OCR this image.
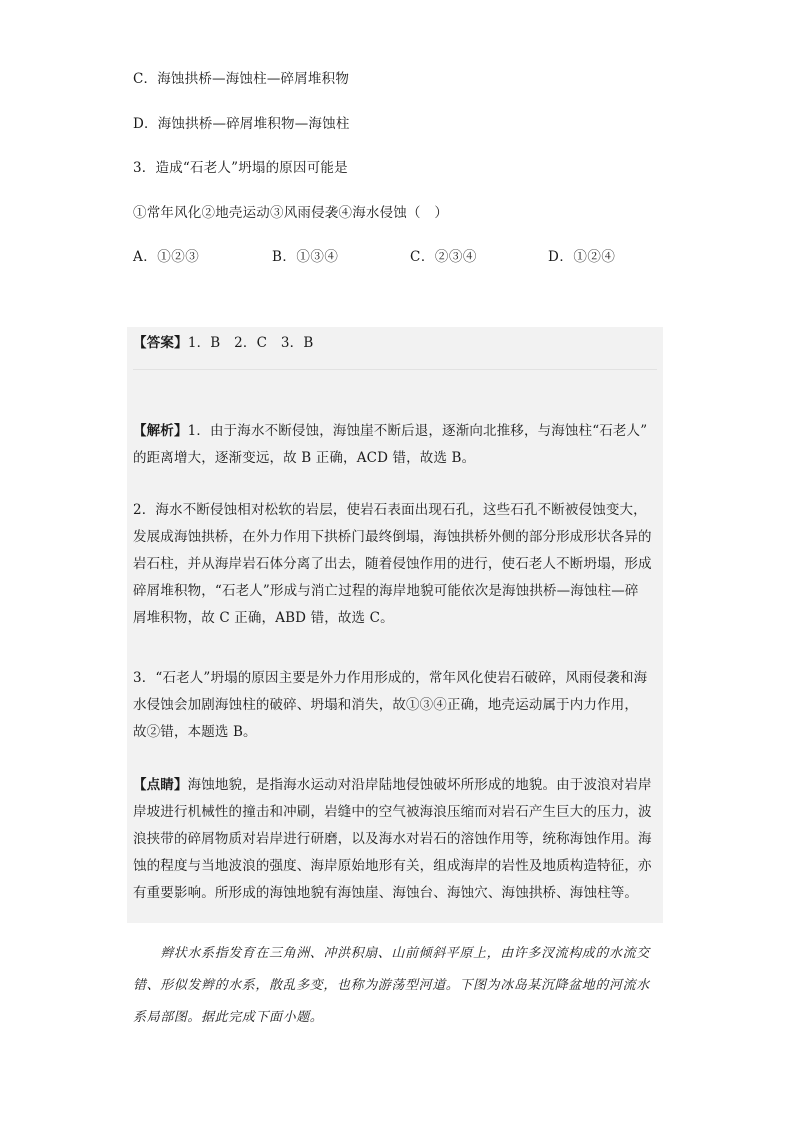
C．海蚀拱桥—海蚀柱—碎屑堆积物
D．海蚀拱桥—碎屑堆积物—海蚀柱
3．造成“石老人”坍塌的原因可能是
①常年风化②地壳运动③风雨侵袭④海水侵蚀（　）
A．①②③	B．①③④	C．②③④	D．①②④
【答案】1．B　2．C　3．B
【解析】1．由于海水不断侵蚀，海蚀崖不断后退，逐渐向北推移，与海蚀柱“石老人”
的距离增大，逐渐变远，故 B 正确，ACD 错，故选 B。
2．海水不断侵蚀相对松软的岩层，使岩石表面出现石孔，这些石孔不断被侵蚀变大，
发展成海蚀拱桥，在外力作用下拱桥门最终倒塌，海蚀拱桥外侧的部分形成形状各异的
岩石柱，并从海岸岩石体分离了出去，随着侵蚀作用的进行，使石老人不断坍塌，形成
碎屑堆积物，“石老人”形成与消亡过程的海岸地貌可能依次是海蚀拱桥—海蚀柱—碎
屑堆积物，故 C 正确，ABD 错，故选 C。
3．“石老人”坍塌的原因主要是外力作用形成的，常年风化使岩石破碎，风雨侵袭和海
水侵蚀会加剧海蚀柱的破碎、坍塌和消失，故①③④正确，地壳运动属于内力作用，
故②错，本题选 B。
【点睛】海蚀地貌，是指海水运动对沿岸陆地侵蚀破坏所形成的地貌。由于波浪对岩岸
岸坡进行机械性的撞击和冲刷，岩缝中的空气被海浪压缩而对岩石产生巨大的压力，波
浪挟带的碎屑物质对岩岸进行研磨，以及海水对岩石的溶蚀作用等，统称海蚀作用。海
蚀的程度与当地波浪的强度、海岸原始地形有关，组成海岸的岩性及地质构造特征，亦
有重要影响。所形成的海蚀地貌有海蚀崖、海蚀台、海蚀穴、海蚀拱桥、海蚀柱等。
　　辫状水系指发育在三角洲、冲洪积扇、山前倾斜平原上，由许多汊流构成的水流交
错、形似发辫的水系，散乱多变，也称为游荡型河道。下图为冰岛某沉降盆地的河流水
系局部图。据此完成下面小题。
